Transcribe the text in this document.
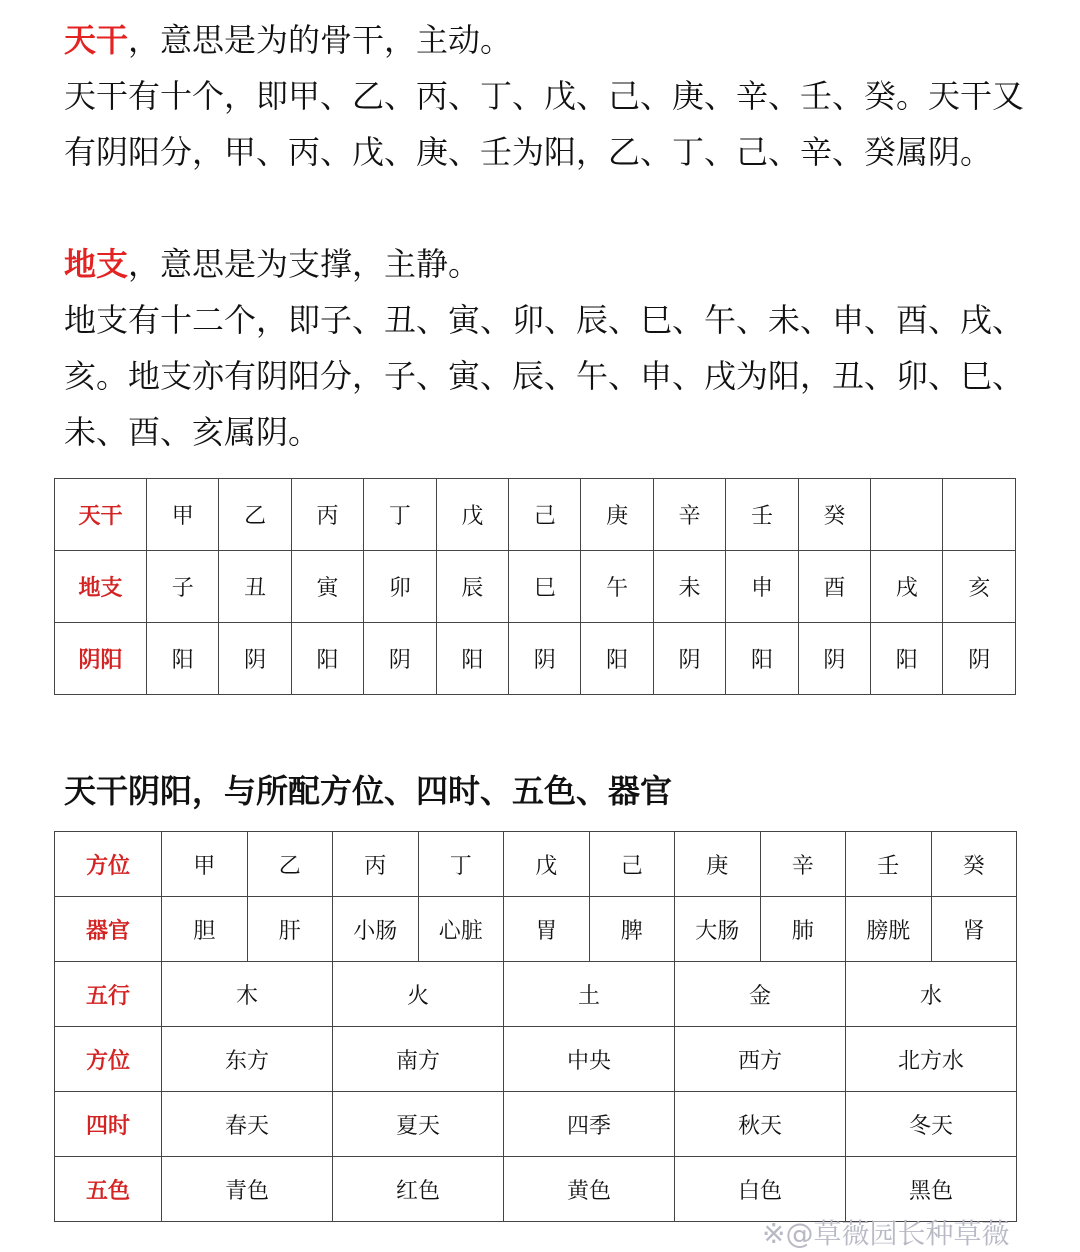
天干，意思是为的骨干，主动。
天干有十个，即甲、乙、丙、丁、戊、己、庚、辛、壬、癸。天干又有阴阳分，甲、丙、戊、庚、壬为阳，乙、丁、己、辛、癸属阴。

地支，意思是为支撑，主静。
地支有十二个，即子、丑、寅、卯、辰、巳、午、未、申、酉、戌、亥。地支亦有阴阳分，子、寅、辰、午、申、戌为阳，丑、卯、巳、未、酉、亥属阴。

天干	甲	乙	丙	丁	戊	己	庚	辛	壬	癸		
地支	子	丑	寅	卯	辰	巳	午	未	申	酉	戌	亥
阴阳	阳	阴	阳	阴	阳	阴	阳	阴	阳	阴	阳	阴
天干阴阳，与所配方位、四时、五色、器官
方位	甲	乙	丙	丁	戊	己	庚	辛	壬	癸
器官	胆	肝	小肠	心脏	胃	脾	大肠	肺	膀胱	肾
五行	木		火		土		金		水	
方位	东方		南方		中央		西方		北方水	
四时	春天		夏天		四季		秋天		冬天	
五色	青色		红色		黄色		白色		黑色	
※@草薇园长种草薇
